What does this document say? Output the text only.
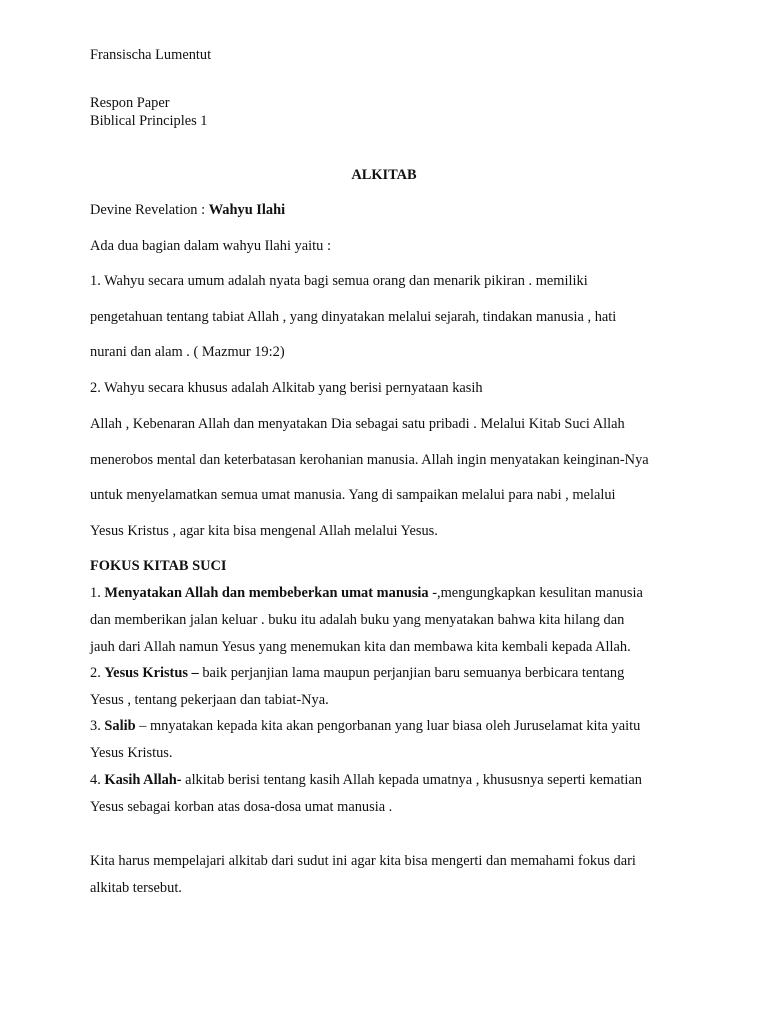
Fransischa Lumentut
Respon Paper
Biblical Principles 1
ALKITAB
Devine Revelation : Wahyu Ilahi
Ada dua bagian dalam wahyu Ilahi yaitu :
1. Wahyu secara umum adalah nyata bagi semua orang dan menarik pikiran . memiliki
pengetahuan tentang tabiat Allah , yang dinyatakan melalui sejarah, tindakan manusia , hati
nurani dan alam . ( Mazmur 19:2)
2. Wahyu secara khusus adalah Alkitab yang berisi pernyataan kasih
Allah , Kebenaran Allah dan menyatakan Dia sebagai satu pribadi . Melalui Kitab Suci Allah
menerobos mental dan keterbatasan kerohanian manusia. Allah ingin menyatakan keinginan-Nya
untuk menyelamatkan semua umat manusia. Yang di sampaikan melalui para nabi , melalui
Yesus Kristus , agar kita bisa mengenal Allah melalui Yesus.
FOKUS KITAB SUCI
1. Menyatakan Allah dan membeberkan umat manusia -,mengungkapkan kesulitan manusia
dan memberikan jalan keluar . buku itu adalah buku yang menyatakan bahwa kita hilang dan
jauh dari Allah namun Yesus yang menemukan kita dan membawa kita kembali kepada Allah.
2. Yesus Kristus – baik perjanjian lama maupun perjanjian baru semuanya berbicara tentang
Yesus , tentang pekerjaan dan tabiat-Nya.
3. Salib – mnyatakan kepada kita akan pengorbanan yang luar biasa oleh Juruselamat kita yaitu
Yesus Kristus.
4. Kasih Allah- alkitab berisi tentang kasih Allah kepada umatnya , khususnya seperti kematian
Yesus sebagai korban atas dosa-dosa umat manusia .
Kita harus mempelajari alkitab dari sudut ini agar kita bisa mengerti dan memahami fokus dari
alkitab tersebut.
